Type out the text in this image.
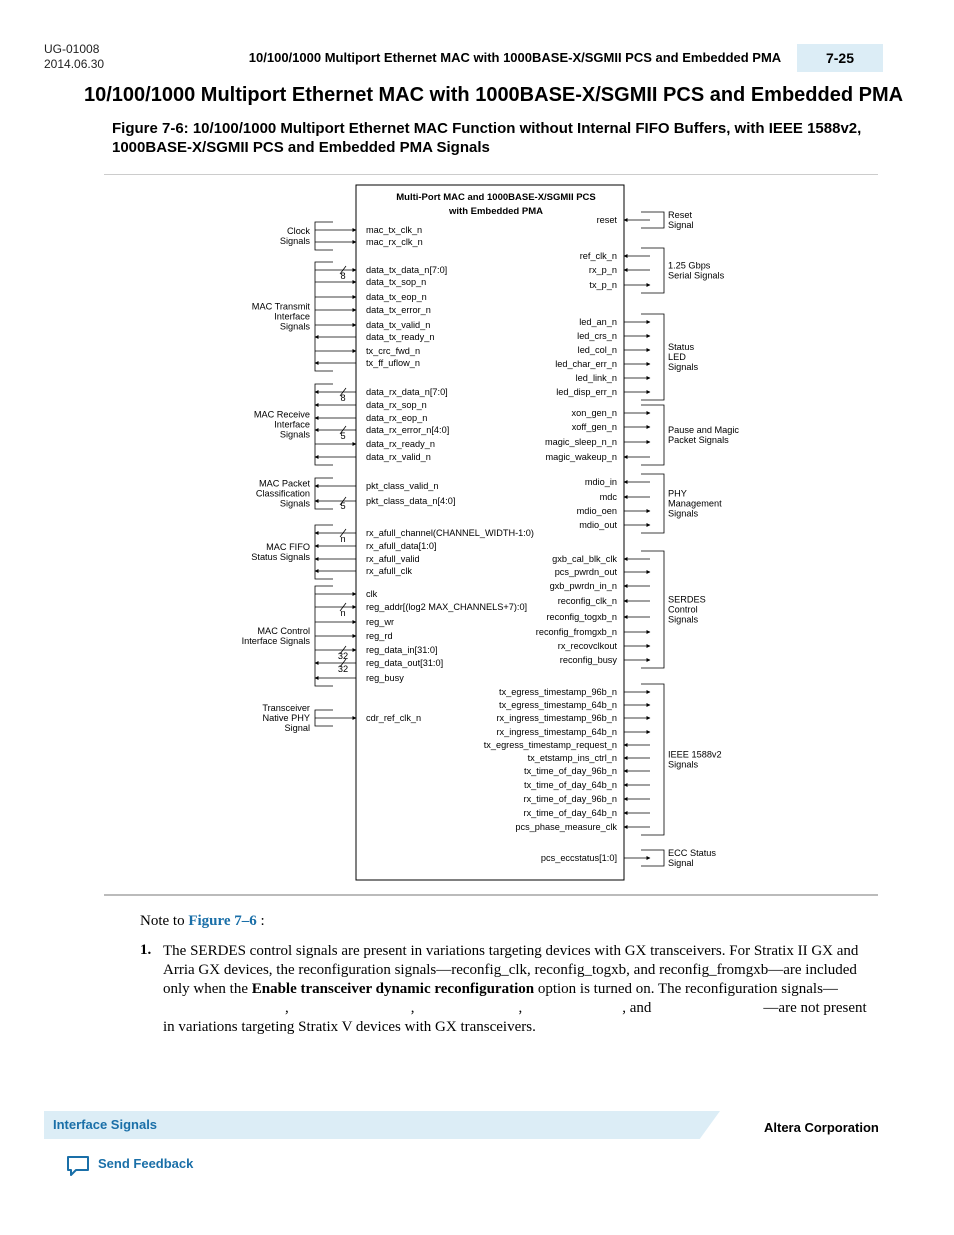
UG-01008
2014.06.30	10/100/1000 Multiport Ethernet MAC with 1000BASE-X/SGMII PCS and Embedded PMA	7-25
10/100/1000 Multiport Ethernet MAC with 1000BASE-X/SGMII PCS and Embedded PMA
Figure 7-6: 10/100/1000 Multiport Ethernet MAC Function without Internal FIFO Buffers, with IEEE 1588v2, 1000BASE-X/SGMII PCS and Embedded PMA Signals
Multi-Port MAC and 1000BASE-X/SGMII PCS
with Embedded PMA
mac_tx_clk_n
mac_rx_clk_n
data_tx_data_n[7:0]
data_tx_sop_n
data_tx_eop_n
data_tx_error_n
data_tx_valid_n
data_tx_ready_n
tx_crc_fwd_n
tx_ff_uflow_n
data_rx_data_n[7:0]
data_rx_sop_n
data_rx_eop_n
data_rx_error_n[4:0]
data_rx_ready_n
data_rx_valid_n
pkt_class_valid_n
pkt_class_data_n[4:0]
rx_afull_channel(CHANNEL_WIDTH-1:0)
rx_afull_data[1:0]
rx_afull_valid
rx_afull_clk
clk
reg_addr[(log2 MAX_CHANNELS+7):0]
reg_wr
reg_rd
reg_data_in[31:0]
reg_data_out[31:0]
reg_busy
cdr_ref_clk_n
Clock
Signals
MAC Transmit
Interface
Signals
MAC Receive
Interface
Signals
MAC Packet
Classification
Signals
MAC FIFO
Status Signals
MAC Control
Interface Signals
Transceiver
Native PHY
Signal
8
8
5
5
n
n
32
32
reset
ref_clk_n
rx_p_n
tx_p_n
led_an_n
led_crs_n
led_col_n
led_char_err_n
led_link_n
led_disp_err_n
xon_gen_n
xoff_gen_n
magic_sleep_n_n
magic_wakeup_n
mdio_in
mdc
mdio_oen
mdio_out
gxb_cal_blk_clk
pcs_pwrdn_out
gxb_pwrdn_in_n
reconfig_clk_n
reconfig_togxb_n
reconfig_fromgxb_n
rx_recovclkout
reconfig_busy
tx_egress_timestamp_96b_n
tx_egress_timestamp_64b_n
rx_ingress_timestamp_96b_n
rx_ingress_timestamp_64b_n
tx_egress_timestamp_request_n
tx_etstamp_ins_ctrl_n
tx_time_of_day_96b_n
tx_time_of_day_64b_n
rx_time_of_day_96b_n
rx_time_of_day_64b_n
pcs_phase_measure_clk
pcs_eccstatus[1:0]
Reset
Signal
1.25 Gbps
Serial Signals
Status
LED
Signals
Pause and Magic
Packet Signals
PHY
Management
Signals
SERDES
Control
Signals
IEEE 1588v2
Signals
ECC Status
Signal
Note to Figure 7–6 :
1. The SERDES control signals are present in variations targeting devices with GX transceivers. For Stratix II GX and Arria GX devices, the reconfiguration signals—reconfig_clk, reconfig_togxb, and reconfig_fromgxb—are included only when the Enable transceiver dynamic reconfiguration option is turned on. The reconfiguration signals—,	,	,	, and	—are not present in variations targeting Stratix V devices with GX transceivers.
Interface Signals	Altera Corporation
Send Feedback
